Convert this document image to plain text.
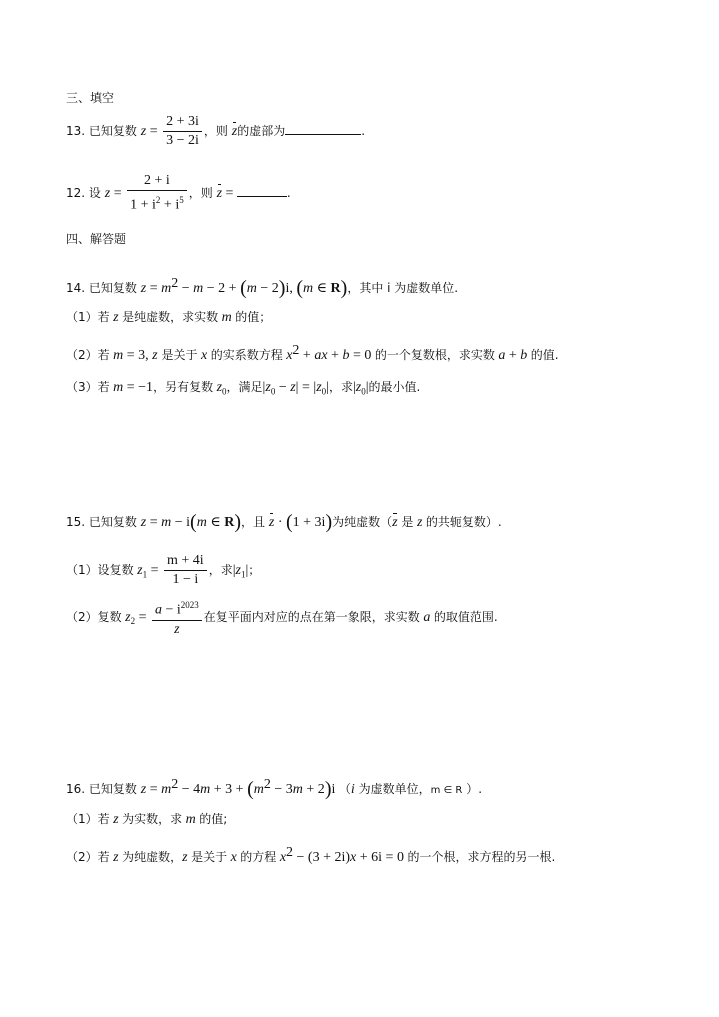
三、填空
13. 已知复数 $z = \frac{2 + 3i}{3 - 2i}$ ，则 z的虚部为	.
12. 设 $z = \frac{2 + i}{1 + i^2 + i^5}$ ，则 z =	.
四、解答题
14. 已知复数 $z = m^2 - m - 2 + (m - 2)i$, (m ∈ R)，其中 i 为虚数单位.
（1）若 z 是纯虚数，求实数 m 的值；
（2）若 m = 3, z 是关于 x 的实系数方程 $x^2$ + ax + b = 0 的一个复数根，求实数 a + b 的值.
（3）若 m = −1，另有复数 $z_0$，满足$|z_0 - z| = |z_0|$，求$|z_0|$的最小值.
15. 已知复数 z = m − i(m ∈ R)，且 z · (1 + 3i)为纯虚数（z 是 z 的共轭复数）.
（1）设复数 $z_1 = \frac{m + 4i}{1 - i}$ ，求$|z_1|$；
（2）复数 $z_2 = \frac{a - i^{2023}}{z}$ 在复平面内对应的点在第一象限，求实数 a 的取值范围.
16. 已知复数 $z = m^2 - 4m + 3 + (m^2 - 3m + 2)i$ （i 为虚数单位，m ∈ R ）.
（1）若 z 为实数，求 m 的值;
（2）若 z 为纯虚数，z 是关于 x 的方程 $x^2 - (3 + 2i)x + 6i = 0$ 的一个根，求方程的另一根.
